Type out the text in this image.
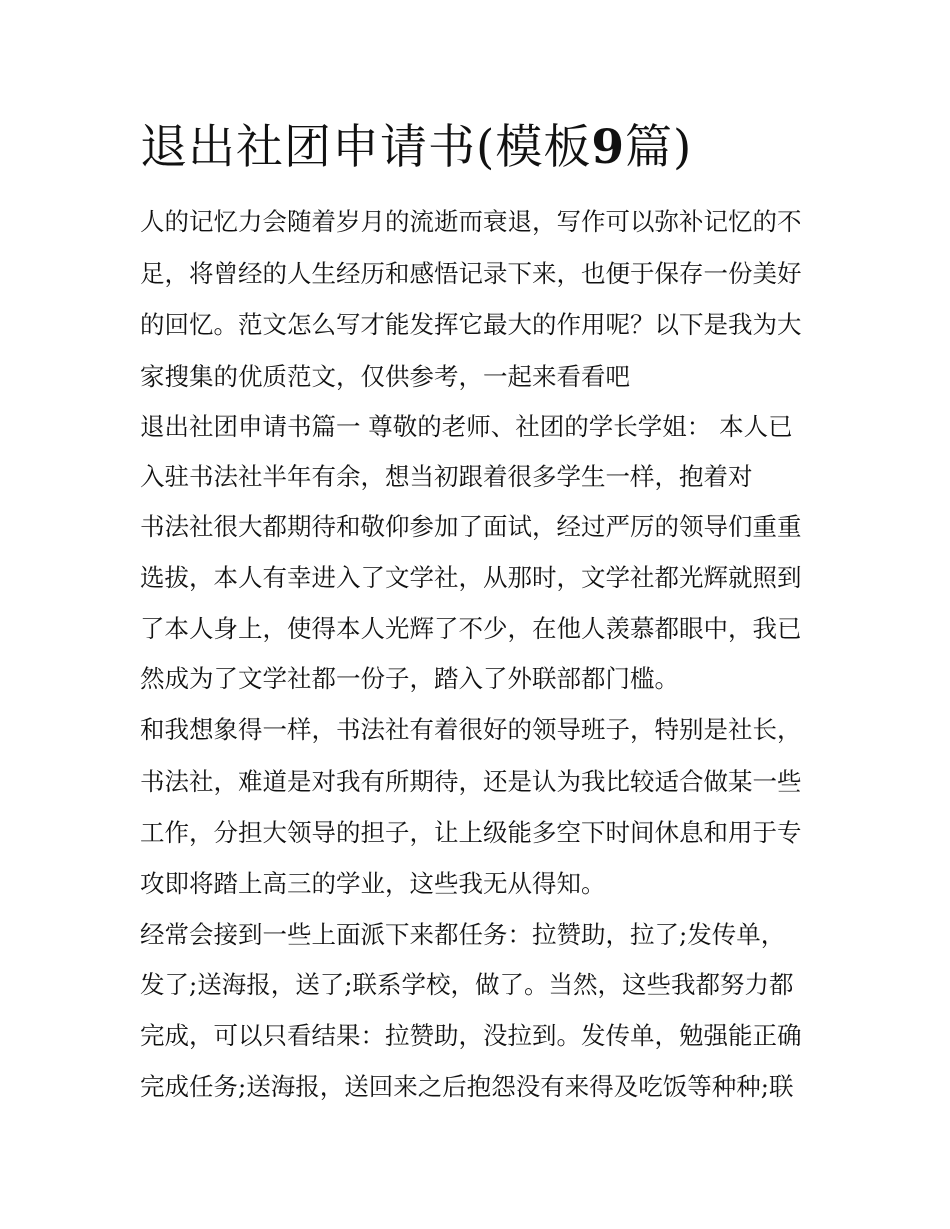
退出社团申请书(模板9篇)

人的记忆力会随着岁月的流逝而衰退，写作可以弥补记忆的不

足，将曾经的人生经历和感悟记录下来，也便于保存一份美好

的回忆。范文怎么写才能发挥它最大的作用呢？以下是我为大

家搜集的优质范文，仅供参考，一起来看看吧

退出社团申请书篇一 尊敬的老师、社团的学长学姐： 本人已

入驻书法社半年有余，想当初跟着很多学生一样，抱着对

书法社很大都期待和敬仰参加了面试，经过严厉的领导们重重

选拔，本人有幸进入了文学社，从那时，文学社都光辉就照到

了本人身上，使得本人光辉了不少，在他人羡慕都眼中，我已

然成为了文学社都一份子，踏入了外联部都门槛。

和我想象得一样，书法社有着很好的领导班子，特别是社长，

书法社，难道是对我有所期待，还是认为我比较适合做某一些

工作，分担大领导的担子，让上级能多空下时间休息和用于专

攻即将踏上高三的学业，这些我无从得知。

经常会接到一些上面派下来都任务：拉赞助，拉了;发传单，

发了;送海报，送了;联系学校，做了。当然，这些我都努力都

完成，可以只看结果：拉赞助，没拉到。发传单，勉强能正确

完成任务;送海报，送回来之后抱怨没有来得及吃饭等种种;联
